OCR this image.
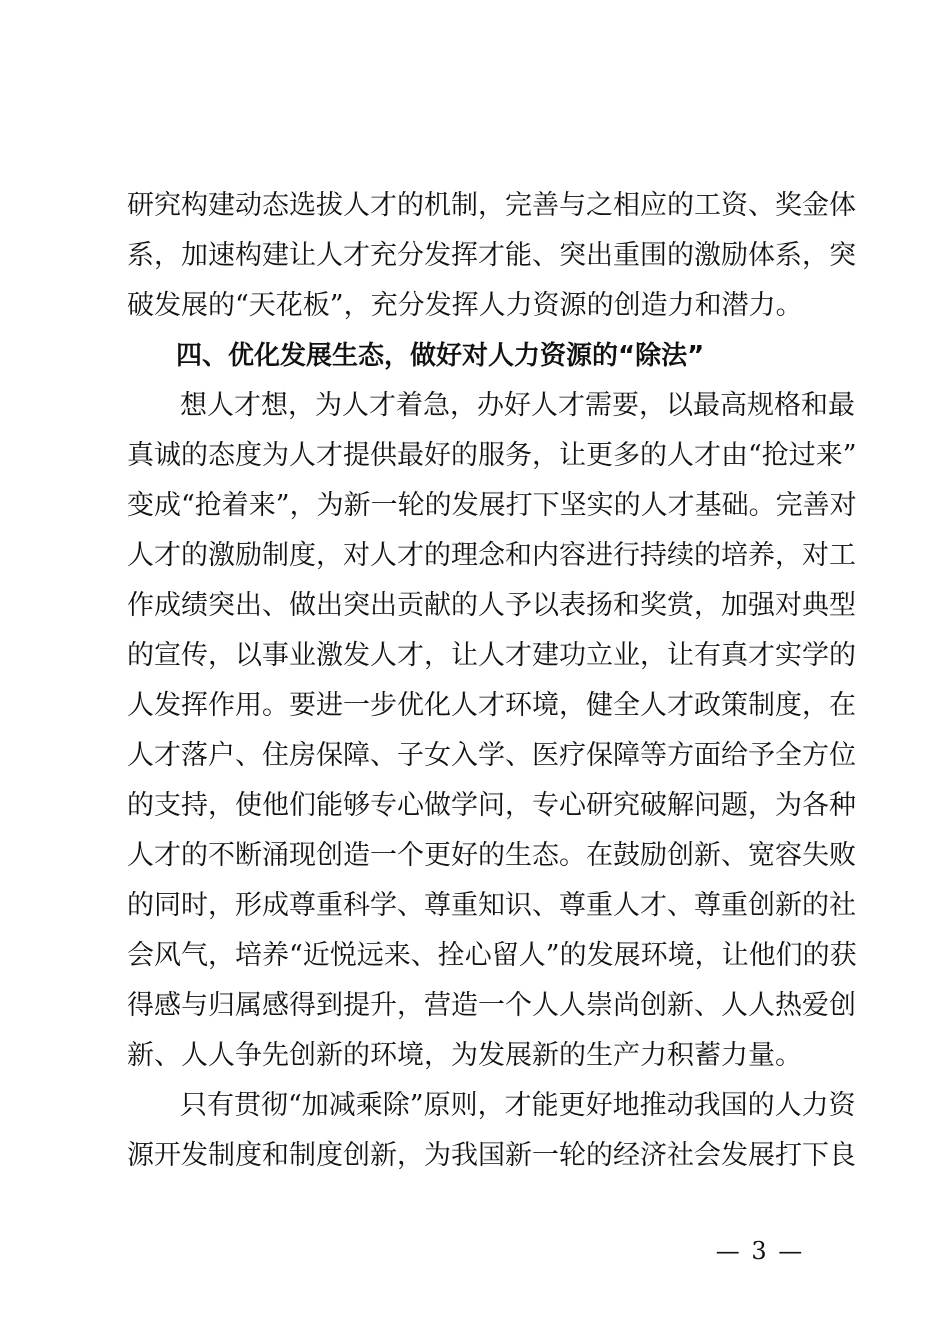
研究构建动态选拔人才的机制，完善与之相应的工资、奖金体
系，加速构建让人才充分发挥才能、突出重围的激励体系，突
破发展的“天花板”，充分发挥人力资源的创造力和潜力。
四、优化发展生态，做好对人力资源的“除法”
想人才想，为人才着急，办好人才需要，以最高规格和最
真诚的态度为人才提供最好的服务，让更多的人才由“抢过来”
变成“抢着来”，为新一轮的发展打下坚实的人才基础。完善对
人才的激励制度，对人才的理念和内容进行持续的培养，对工
作成绩突出、做出突出贡献的人予以表扬和奖赏，加强对典型
的宣传，以事业激发人才，让人才建功立业，让有真才实学的
人发挥作用。要进一步优化人才环境，健全人才政策制度，在
人才落户、住房保障、子女入学、医疗保障等方面给予全方位
的支持，使他们能够专心做学问，专心研究破解问题，为各种
人才的不断涌现创造一个更好的生态。在鼓励创新、宽容失败
的同时，形成尊重科学、尊重知识、尊重人才、尊重创新的社
会风气，培养“近悦远来、拴心留人”的发展环境，让他们的获
得感与归属感得到提升，营造一个人人崇尚创新、人人热爱创
新、人人争先创新的环境，为发展新的生产力积蓄力量。
只有贯彻“加减乘除”原则，才能更好地推动我国的人力资
源开发制度和制度创新，为我国新一轮的经济社会发展打下良
— 3 —
